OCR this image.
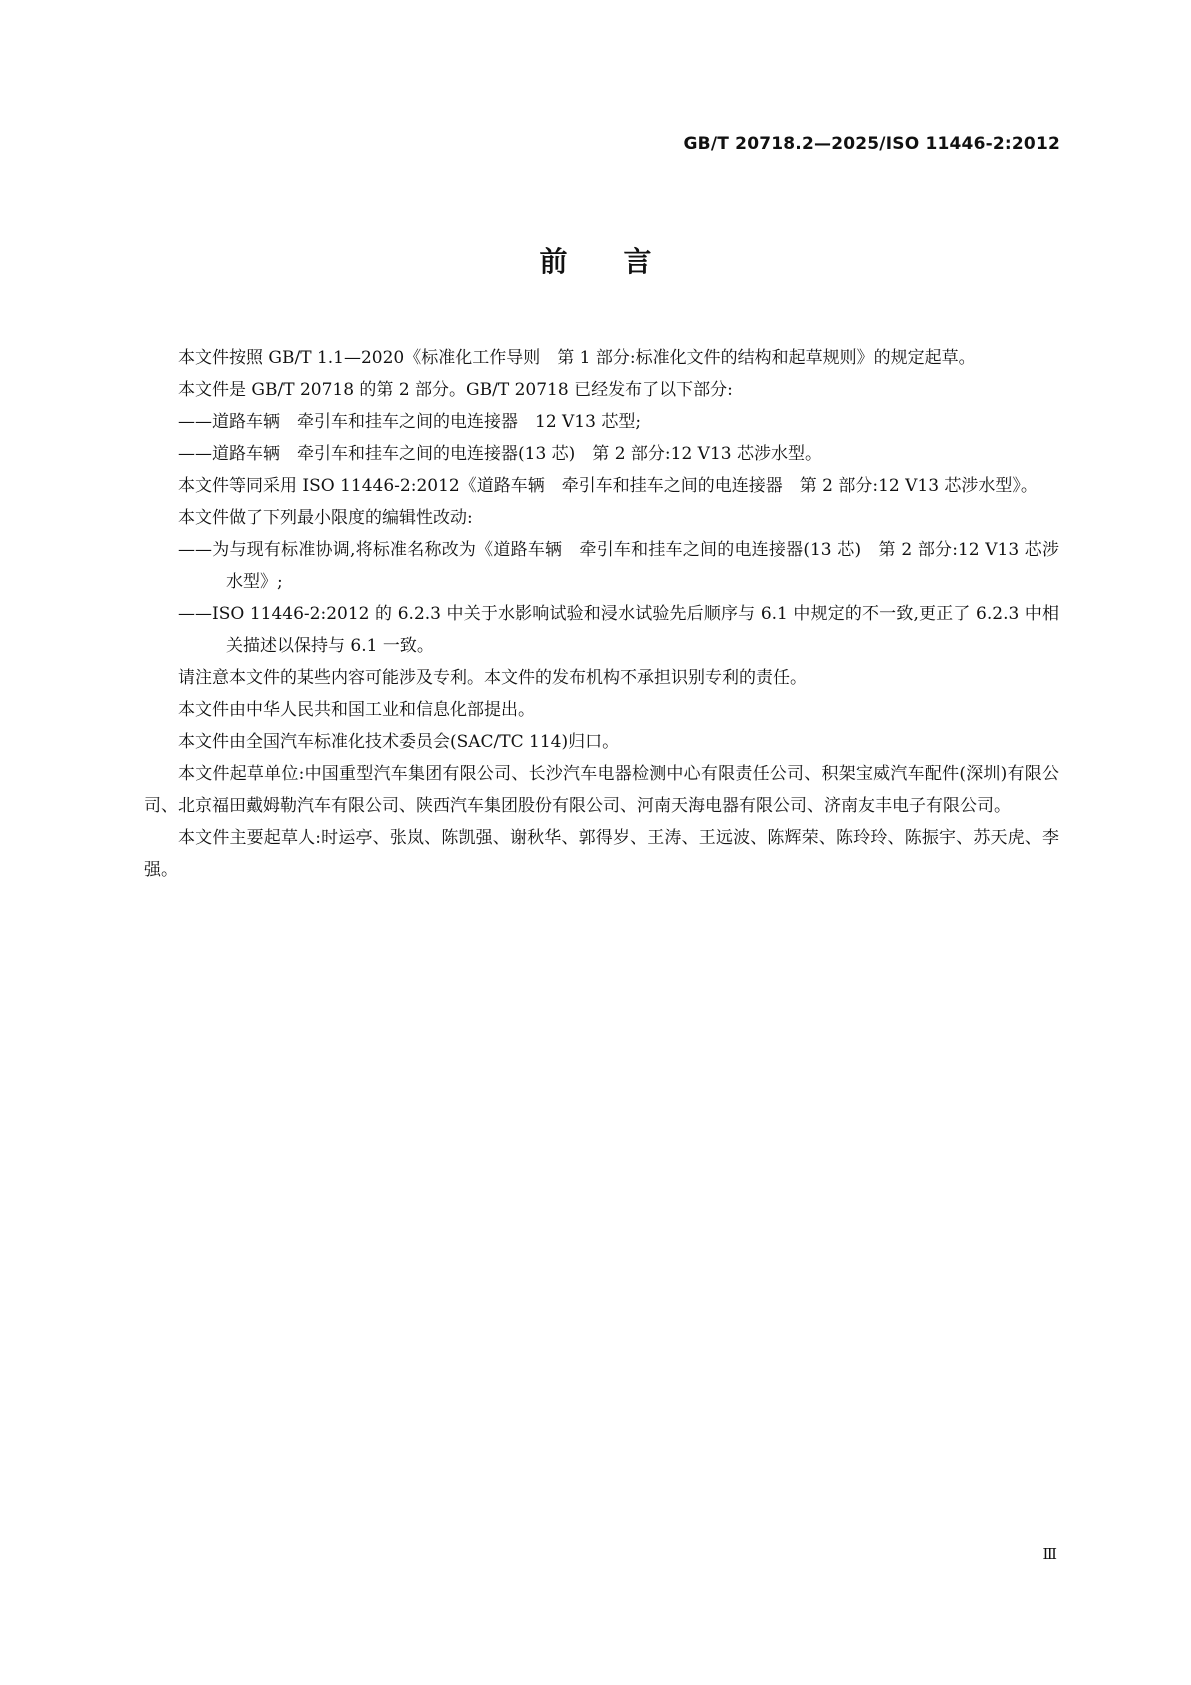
GB/T 20718.2—2025/ISO 11446-2:2012
前　　言

本文件按照 GB/T 1.1—2020《标准化工作导则　第 1 部分:标准化文件的结构和起草规则》的规定起草。

本文件是 GB/T 20718 的第 2 部分。GB/T 20718 已经发布了以下部分:

——道路车辆　牵引车和挂车之间的电连接器　12 V13 芯型;

——道路车辆　牵引车和挂车之间的电连接器(13 芯)　第 2 部分:12 V13 芯涉水型。

本文件等同采用 ISO 11446-2:2012《道路车辆　牵引车和挂车之间的电连接器　第 2 部分:12 V13 芯涉水型》。

本文件做了下列最小限度的编辑性改动:

——为与现有标准协调,将标准名称改为《道路车辆　牵引车和挂车之间的电连接器(13 芯)　第 2 部分:12 V13 芯涉水型》;

——ISO 11446-2:2012 的 6.2.3 中关于水影响试验和浸水试验先后顺序与 6.1 中规定的不一致,更正了 6.2.3 中相关描述以保持与 6.1 一致。

请注意本文件的某些内容可能涉及专利。本文件的发布机构不承担识别专利的责任。

本文件由中华人民共和国工业和信息化部提出。

本文件由全国汽车标准化技术委员会(SAC/TC 114)归口。

本文件起草单位:中国重型汽车集团有限公司、长沙汽车电器检测中心有限责任公司、积架宝威汽车配件(深圳)有限公司、北京福田戴姆勒汽车有限公司、陕西汽车集团股份有限公司、河南天海电器有限公司、济南友丰电子有限公司。

本文件主要起草人:时运亭、张岚、陈凯强、谢秋华、郭得岁、王涛、王远波、陈辉荣、陈玲玲、陈振宇、苏天虎、李强。

Ⅲ
